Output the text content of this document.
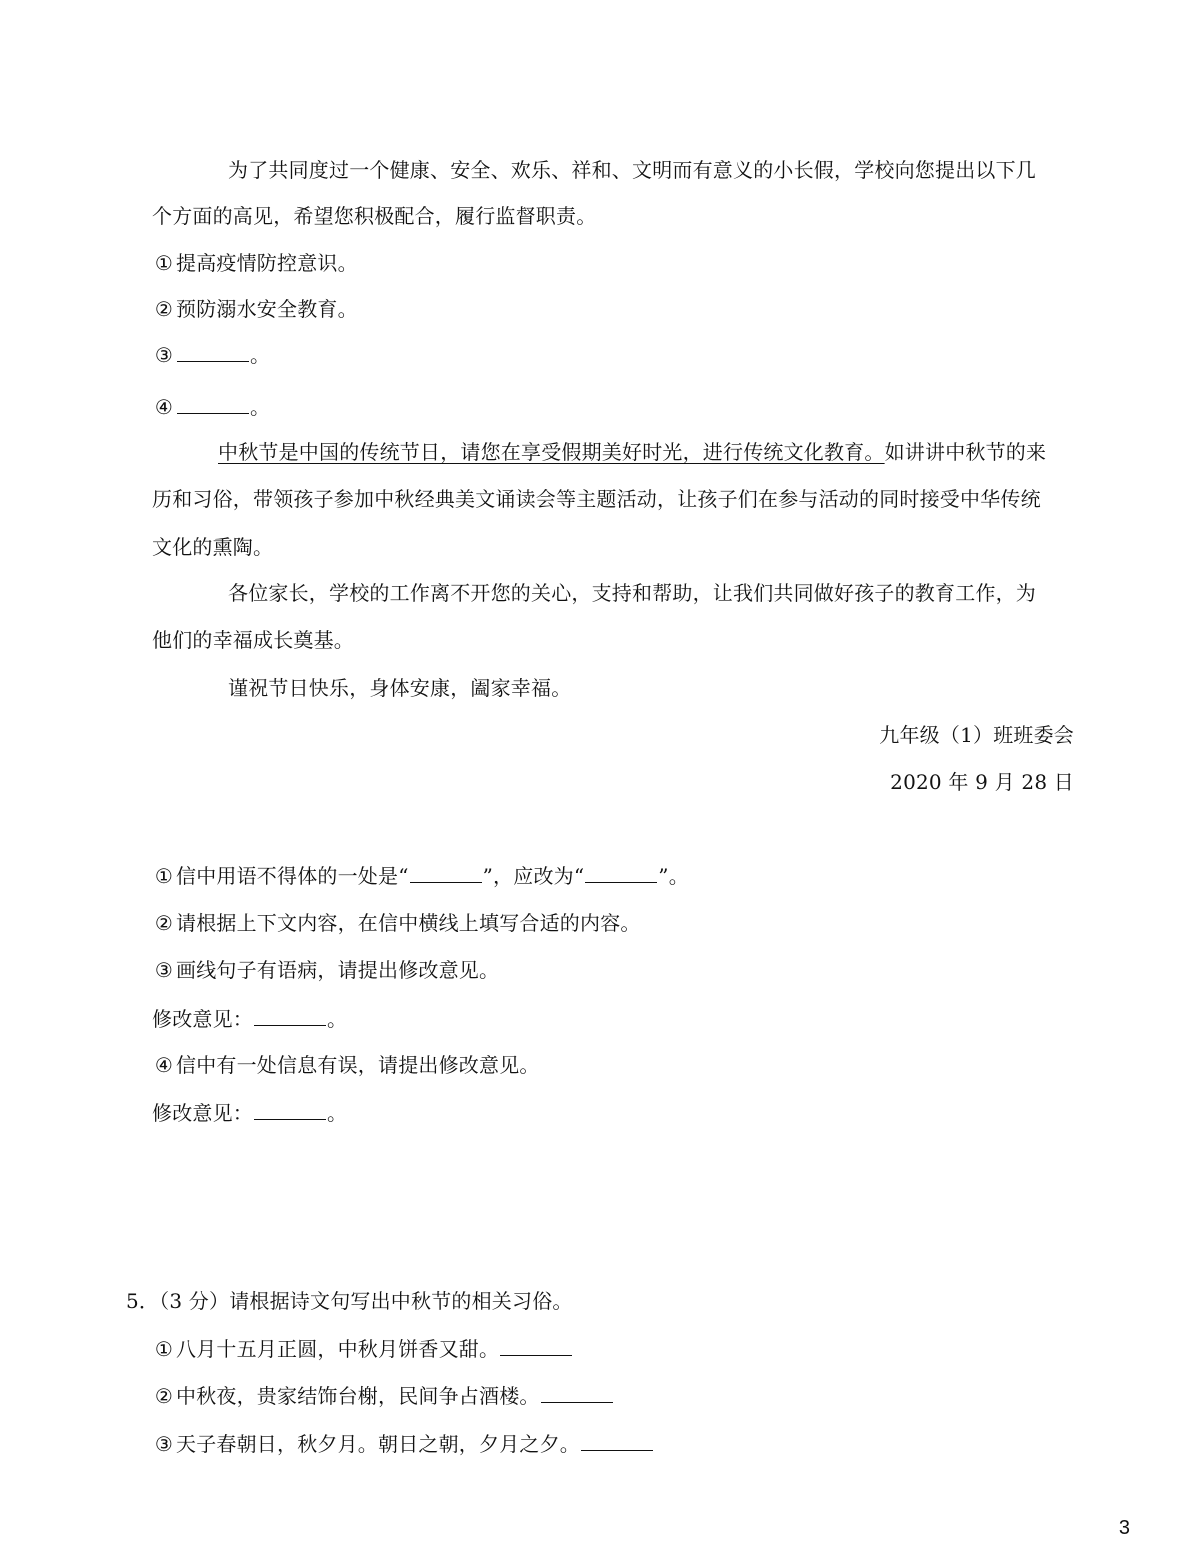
为了共同度过一个健康、安全、欢乐、祥和、文明而有意义的小长假，学校向您提出以下几
个方面的高见，希望您积极配合，履行监督职责。
① 提高疫情防控意识。
② 预防溺水安全教育。
③	。
④	。
中秋节是中国的传统节日，请您在享受假期美好时光，进行传统文化教育。如讲讲中秋节的来
历和习俗，带领孩子参加中秋经典美文诵读会等主题活动，让孩子们在参与活动的同时接受中华传统
文化的熏陶。
各位家长，学校的工作离不开您的关心，支持和帮助，让我们共同做好孩子的教育工作，为
他们的幸福成长奠基。
谨祝节日快乐，身体安康，阖家幸福。
九年级（1）班班委会
2020 年 9 月 28 日
① 信中用语不得体的一处是“	”，应改为“	”。
② 请根据上下文内容，在信中横线上填写合适的内容。
③ 画线句子有语病，请提出修改意见。
修改意见：	。
④ 信中有一处信息有误，请提出修改意见。
修改意见：	。
5．（3 分）请根据诗文句写出中秋节的相关习俗。
① 八月十五月正圆，中秋月饼香又甜。
② 中秋夜，贵家结饰台榭，民间争占酒楼。
③ 天子春朝日，秋夕月。朝日之朝，夕月之夕。
3
